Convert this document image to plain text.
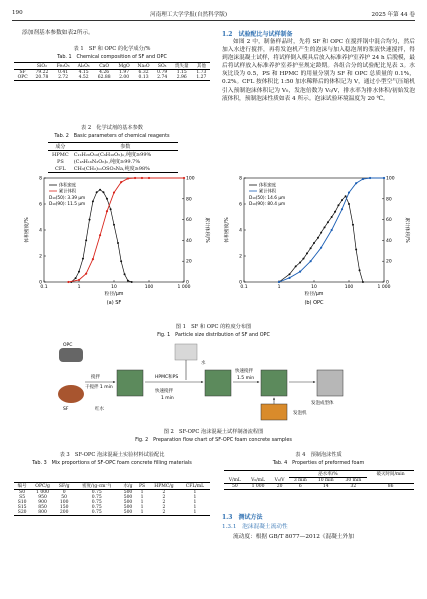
190	河南理工大学学报(自然科学版)	2025 年第 44 卷
添加剂基本参数如表2所示。
表 1　SF 和 OPC 的化学成分/%
Tab. 1　Chemical composition of SF and OPC
	SiO₂	Fe₂O₃	Al₂O₃	CaO	MgO	Na₂O	SO₃	烧失量	其他
SF	79.22	0.41	4.15	4.26	1.97	6.32	0.79	1.15	1.73
OPC	20.78	2.72	4.52	62.88	2.00	0.13	2.74	2.96	1.27
表 2　化学试剂的基本参数
Tab. 2　Basic parameters of chemical reagents
成分	参数
HPMC	C₁₂H₂₀O₁₀(C₆H₁₀O₅)ₙ,纯度≥99%
PS	(C₁₈H₁₆N₂O₆)ₙ,纯度≥99.7%
CFL	CH₃(CH₂)₁₁OSO₃Na,纯度≥98%
1.2　试验配比与试样制备
如图 2 中，制备样品时，先将 SF 和 OPC 在搅拌锅中混合均匀，然后加入水进行搅拌，再将发泡机产生的泡沫与加入稳泡剂的浆液快速搅拌，得到泡沫混凝土试样，将试样倒入模具后放入标准养护室养护 24 h 后脱模，最后将试样放入标准养护室养护至规定龄期。各组合分的试验配比见表 3。水灰比设为 0.5，PS 和 HPMC 的用量分别为 SF 和 OPC 总质量的 0.1%，0.2%。CFL 按体积比 1:50 加水稀释后的体积记为 V，通过小型空气压缩机引入预制泡沫体积记为 V₀，发泡倍数为 V₀/V，排水率为排水体积/初始发泡液体积，预制泡沫性质如表 4 所示。泡沫试验环境温度为 20 ℃。
0.1	1	10	100	1 000
0
2
4
6
8
0
20
40
60
80
100
粒径/μm
体积密度/%	累计体积/%
体积密度
累计体积
D₁₀(50): 3.39 μm
D₁₀(90): 11.5 μm
(a) SF
0.1	1	10	100	1 000
0
2
4
6
8
0
20
40
60
80
100
粒径/μm
体积密度/%	累计体积/%
体积密度
累计体积
D₁₀(50): 14.6 μm
D₁₀(90): 80.4 μm
(b) OPC
图 1　SF 和 OPC 的粒度分布图
Fig. 1　Particle size distribution of SF and OPC
OPC
SF	红水
搅拌
干搅拌 1 min
HPMC和PS
快速搅拌
1 min
水
快速搅拌
1.5 min
发泡成型体
发泡机
图 2　SF-OPC 泡沫混凝土试样制备流程图
Fig. 2　Preparation flow chart of SF-OPC foam concrete samples
表 3　SF-OPC 泡沫混凝土实验材料试验配比
Tab. 3　Mix proportions of SF-OPC foam concrete filling materials
编号	OPC/g	SF/g	密度/(g·cm⁻³)	水/g	PS	HPMC/g	CFL/mL
S0	1 000	0	0.75	500	1	2	1
S5	950	50	0.75	500	1	2	1
S10	900	100	0.75	500	1	2	1
S15	850	150	0.75	500	1	2	1
S20	800	200	0.75	500	1	2	1
表 4　预制泡沫性质
Tab. 4　Properties of preformed foam
			泌水率/%			破灭时间/min
V/mL	V₀/mL	V₀/V	3 min	10 min	30 min	
50	1 000	20	6	14	32	86
1.3　测试方法
1.3.1　泡沫混凝土流动性
流动度：根据 GB/T 8077—2012《混凝土外加
